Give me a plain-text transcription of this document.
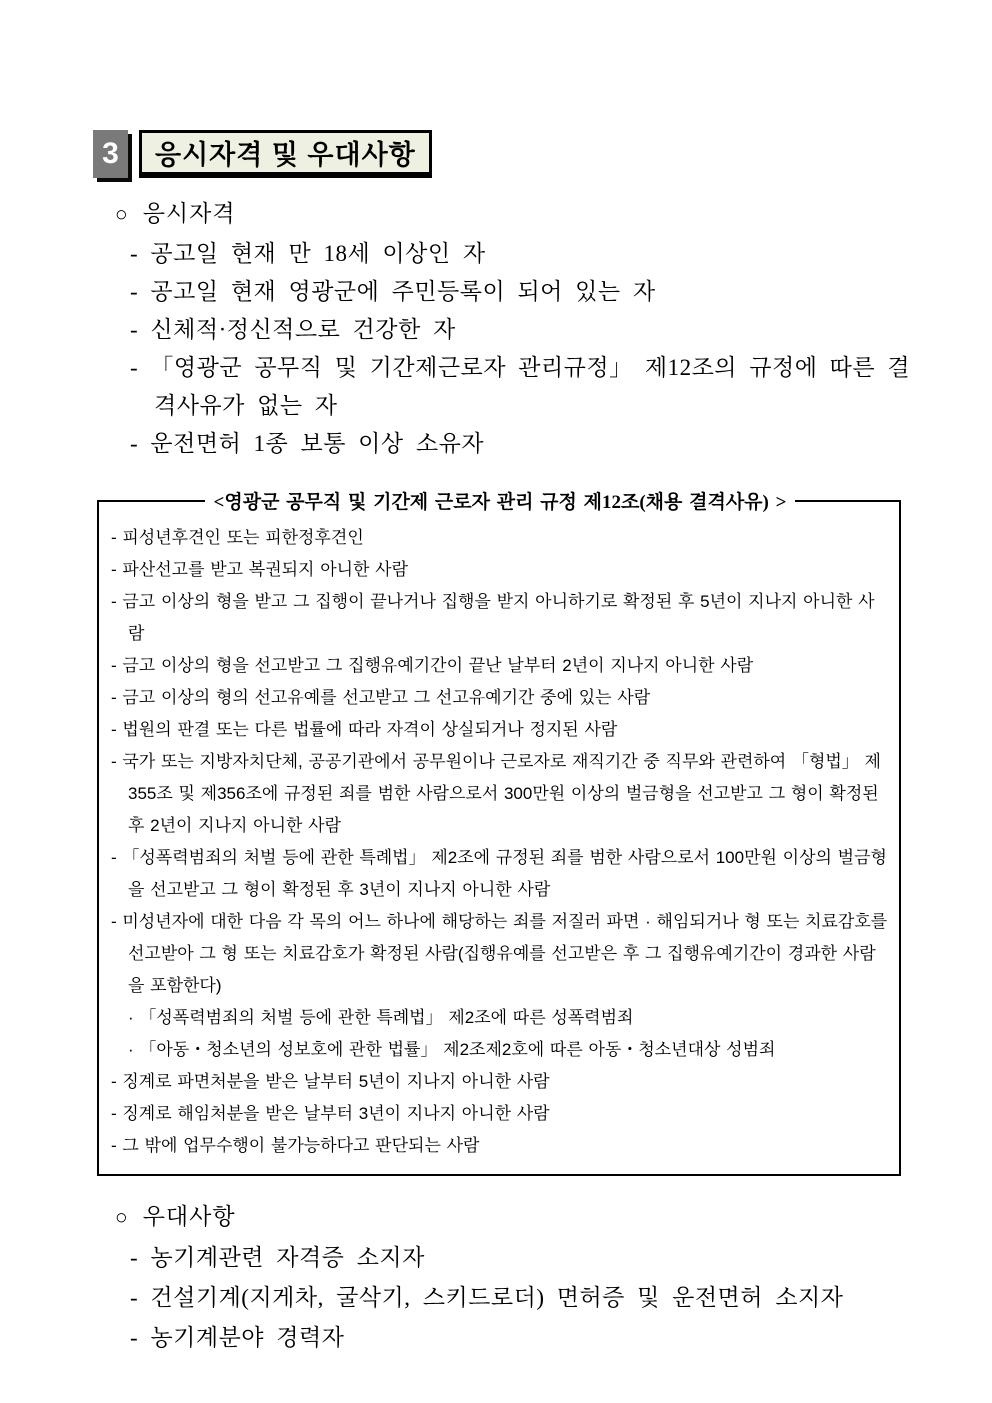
3 응시자격 및 우대사항
○ 응시자격
- 공고일 현재 만 18세 이상인 자
- 공고일 현재 영광군에 주민등록이 되어 있는 자
- 신체적·정신적으로 건강한 자
- 「영광군 공무직 및 기간제근로자 관리규정」 제12조의 규정에 따른 결격사유가 없는 자
- 운전면허 1종 보통 이상 소유자
<영광군 공무직 및 기간제 근로자 관리 규정 제12조(채용 결격사유) >
- 피성년후견인 또는 피한정후견인
- 파산선고를 받고 복권되지 아니한 사람
- 금고 이상의 형을 받고 그 집행이 끝나거나 집행을 받지 아니하기로 확정된 후 5년이 지나지 아니한 사람
- 금고 이상의 형을 선고받고 그 집행유예기간이 끝난 날부터 2년이 지나지 아니한 사람
- 금고 이상의 형의 선고유예를 선고받고 그 선고유예기간 중에 있는 사람
- 법원의 판결 또는 다른 법률에 따라 자격이 상실되거나 정지된 사람
- 국가 또는 지방자치단체, 공공기관에서 공무원이나 근로자로 재직기간 중 직무와 관련하여 「형법」 제355조 및 제356조에 규정된 죄를 범한 사람으로서 300만원 이상의 벌금형을 선고받고 그 형이 확정된 후 2년이 지나지 아니한 사람
- 「성폭력범죄의 처벌 등에 관한 특례법」 제2조에 규정된 죄를 범한 사람으로서 100만원 이상의 벌금형을 선고받고 그 형이 확정된 후 3년이 지나지 아니한 사람
- 미성년자에 대한 다음 각 목의 어느 하나에 해당하는 죄를 저질러 파면 · 해임되거나 형 또는 치료감호를 선고받아 그 형 또는 치료감호가 확정된 사람(집행유예를 선고받은 후 그 집행유예기간이 경과한 사람을 포함한다)
· 「성폭력범죄의 처벌 등에 관한 특례법」 제2조에 따른 성폭력범죄
· 「아동・청소년의 성보호에 관한 법률」 제2조제2호에 따른 아동・청소년대상 성범죄
- 징계로 파면처분을 받은 날부터 5년이 지나지 아니한 사람
- 징계로 해임처분을 받은 날부터 3년이 지나지 아니한 사람
- 그 밖에 업무수행이 불가능하다고 판단되는 사람
○ 우대사항
- 농기계관련 자격증 소지자
- 건설기계(지게차, 굴삭기, 스키드로더) 면허증 및 운전면허 소지자
- 농기계분야 경력자
